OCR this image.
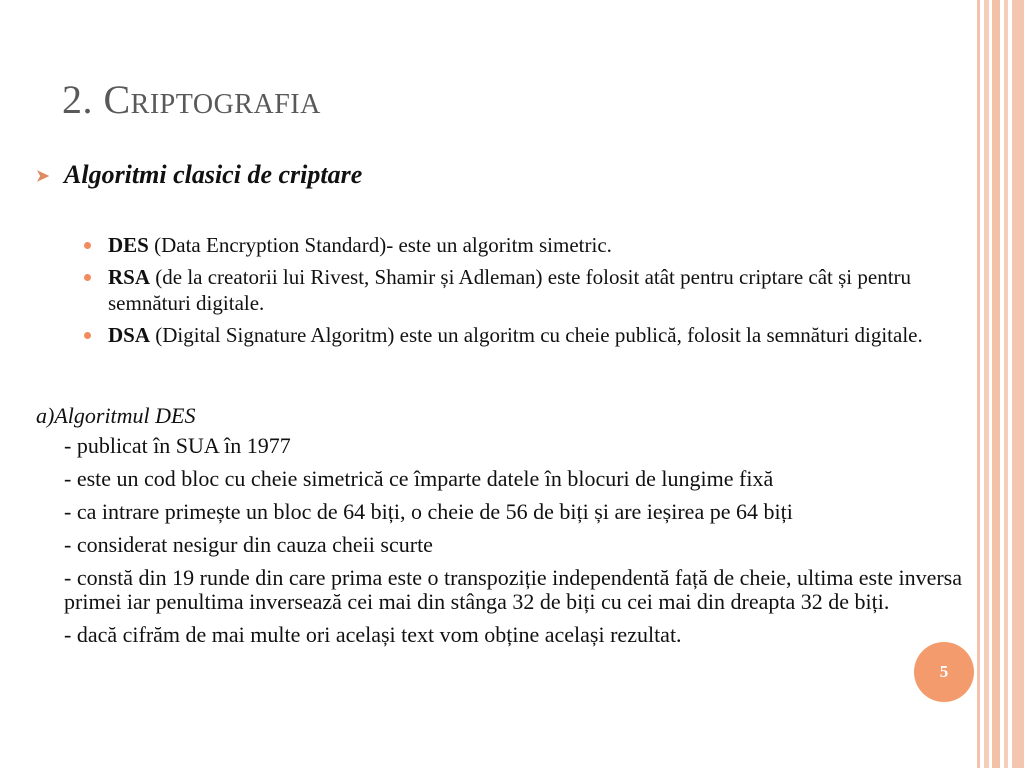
2. Criptografia
➤ Algoritmi clasici de criptare
DES (Data Encryption Standard)- este un algoritm simetric.
RSA (de la creatorii lui Rivest, Shamir și Adleman) este folosit atât pentru criptare cât și pentru semnături digitale.
DSA (Digital Signature Algoritm) este un algoritm cu cheie publică, folosit la semnături digitale.
a)Algoritmul DES
- publicat în SUA în 1977
- este un cod bloc cu cheie simetrică ce împarte datele în blocuri de lungime fixă
- ca intrare primește un bloc de 64 biți, o cheie de 56 de biți și are ieșirea pe 64 biți
- considerat nesigur din cauza cheii scurte
- constă din 19 runde din care prima este o transpoziție independentă față de cheie, ultima este inversa primei iar penultima inversează cei mai din stânga 32 de biți cu cei mai din dreapta 32 de biți.
- dacă cifrăm de mai multe ori același text vom obține același rezultat.
5
